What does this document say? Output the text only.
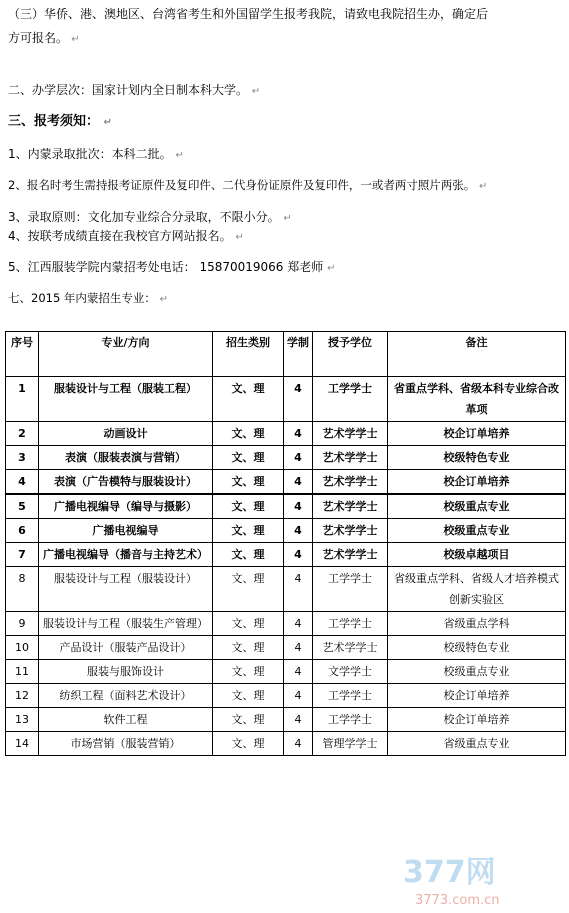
（三）华侨、港、澳地区、台湾省考生和外国留学生报考我院，请致电我院招生办，确定后
方可报名。 ↵
二、办学层次：国家计划内全日制本科大学。 ↵
三、报考须知： ↵
1、内蒙录取批次：本科二批。 ↵
2、报名时考生需持报考证原件及复印件、二代身份证原件及复印件，一或者两寸照片两张。 ↵
3、录取原则：文化加专业综合分录取，不限小分。 ↵
4、按联考成绩直接在我校官方网站报名。 ↵
5、江西服装学院内蒙招考处电话： 15870019066 郑老师 ↵
七、2015 年内蒙招生专业： ↵
序号	专业/方向	招生类别	学制	授予学位	备注
1	服装设计与工程（服装工程）	文、理	4	工学学士	省重点学科、省级本科专业综合改革项
2	动画设计	文、理	4	艺术学学士	校企订单培养
3	表演（服装表演与营销）	文、理	4	艺术学学士	校级特色专业
4	表演（广告模特与服装设计）	文、理	4	艺术学学士	校企订单培养
5	广播电视编导（编导与摄影）	文、理	4	艺术学学士	校级重点专业
6	广播电视编导	文、理	4	艺术学学士	校级重点专业
7	广播电视编导（播音与主持艺术）	文、理	4	艺术学学士	校级卓越项目
8	服装设计与工程（服装设计）	文、理	4	工学学士	省级重点学科、省级人才培养模式创新实验区
9	服装设计与工程（服装生产管理）	文、理	4	工学学士	省级重点学科
10	产品设计（服装产品设计）	文、理	4	艺术学学士	校级特色专业
11	服装与服饰设计	文、理	4	文学学士	校级重点专业
12	纺织工程（面料艺术设计）	文、理	4	工学学士	校企订单培养
13	软件工程	文、理	4	工学学士	校企订单培养
14	市场营销（服装营销）	文、理	4	管理学学士	省级重点专业
377网
3773.com.cn
